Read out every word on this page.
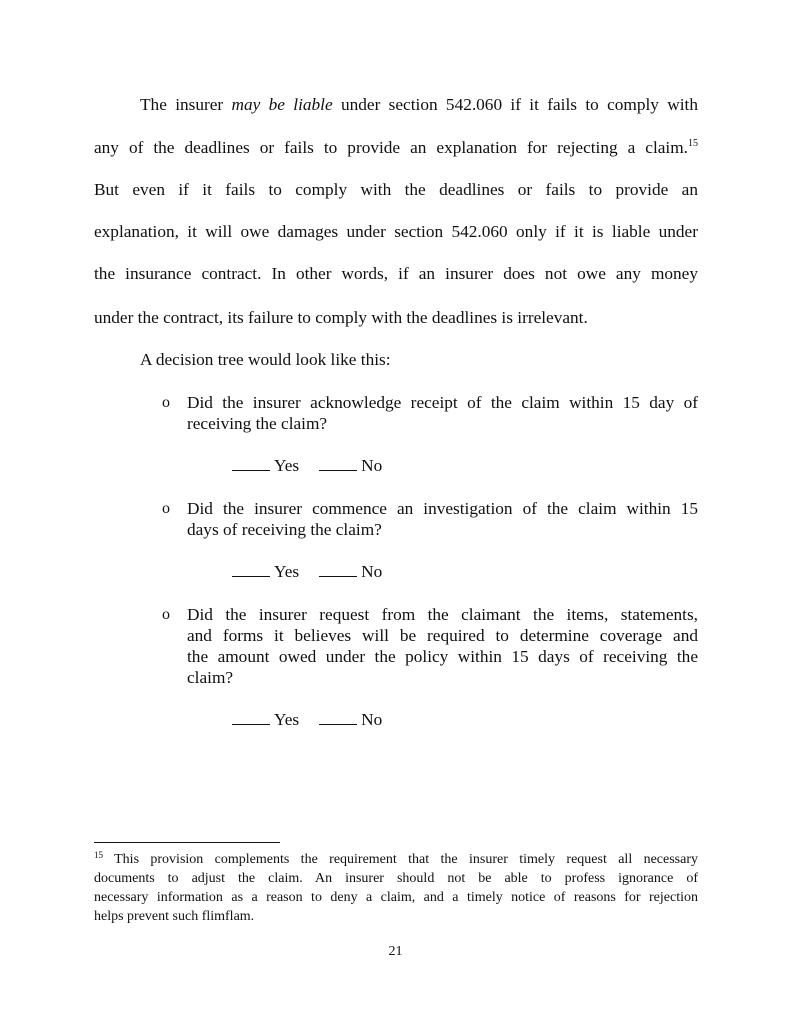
The insurer may be liable under section 542.060 if it fails to comply with
any of the deadlines or fails to provide an explanation for rejecting a claim.$^{15}$
But even if it fails to comply with the deadlines or fails to provide an
explanation, it will owe damages under section 542.060 only if it is liable under
the insurance contract. In other words, if an insurer does not owe any money
under the contract, its failure to comply with the deadlines is irrelevant.
A decision tree would look like this:
o Did the insurer acknowledge receipt of the claim within 15 day of
receiving the claim?
Yes	No
o Did the insurer commence an investigation of the claim within 15
days of receiving the claim?
Yes	No
o Did the insurer request from the claimant the items, statements,
and forms it believes will be required to determine coverage and
the amount owed under the policy within 15 days of receiving the
claim?
Yes	No
$^{15}$ This provision complements the requirement that the insurer timely request all necessary
documents to adjust the claim. An insurer should not be able to profess ignorance of
necessary information as a reason to deny a claim, and a timely notice of reasons for rejection
helps prevent such flimflam.
21
